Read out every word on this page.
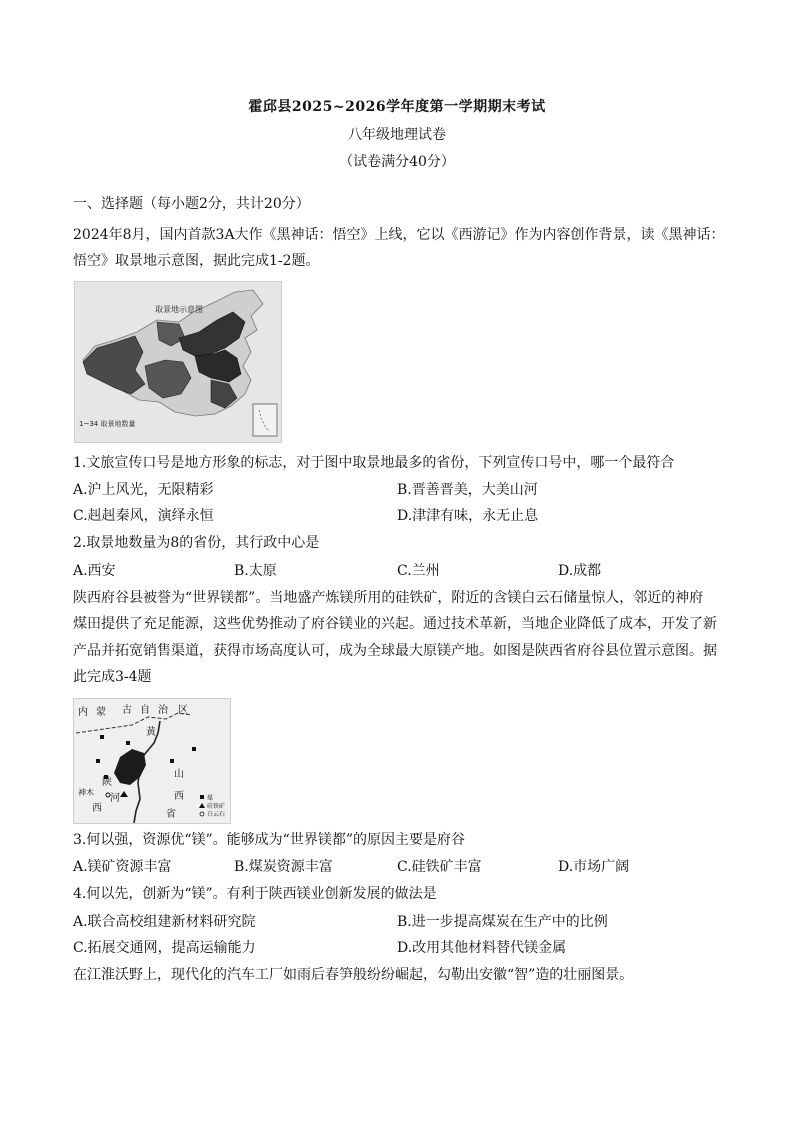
霍邱县2025~2026学年度第一学期期末考试
八年级地理试卷
（试卷满分40分）
一、选择题（每小题2分，共计20分）
2024年8月，国内首款3A大作《黑神话：悟空》上线，它以《西游记》作为内容创作背景，读《黑神话：
悟空》取景地示意图，据此完成1-2题。
取景地示意图
1~34 取景地数量
1.文旅宣传口号是地方形象的标志，对于图中取景地最多的省份，下列宣传口号中，哪一个最符合
A.沪上风光，无限精彩	B.晋善晋美，大美山河
C.赳赳秦风，演绎永恒	D.津津有味，永无止息
2.取景地数量为8的省份，其行政中心是
A.西安	B.太原	C.兰州	D.成都
陕西府谷县被誉为“世界镁都”。当地盛产炼镁所用的硅铁矿，附近的含镁白云石储量惊人，邻近的神府
煤田提供了充足能源，这些优势推动了府谷镁业的兴起。通过技术革新，当地企业降低了成本，开发了新
产品并拓宽销售渠道，获得市场高度认可，成为全球最大原镁产地。如图是陕西省府谷县位置示意图。据
此完成3-4题
内 蒙 古 自 治 区
黄
河
山
西
省
陕
西
神木
煤
硅铁矿
白云石
3.何以强，资源优“镁”。能够成为“世界镁都”的原因主要是府谷
A.镁矿资源丰富	B.煤炭资源丰富	C.硅铁矿丰富	D.市场广阔
4.何以先，创新为“镁”。有利于陕西镁业创新发展的做法是
A.联合高校组建新材料研究院	B.进一步提高煤炭在生产中的比例
C.拓展交通网，提高运输能力	D.改用其他材料替代镁金属
在江淮沃野上，现代化的汽车工厂如雨后春笋般纷纷崛起，勾勒出安徽“智”造的壮丽图景。
